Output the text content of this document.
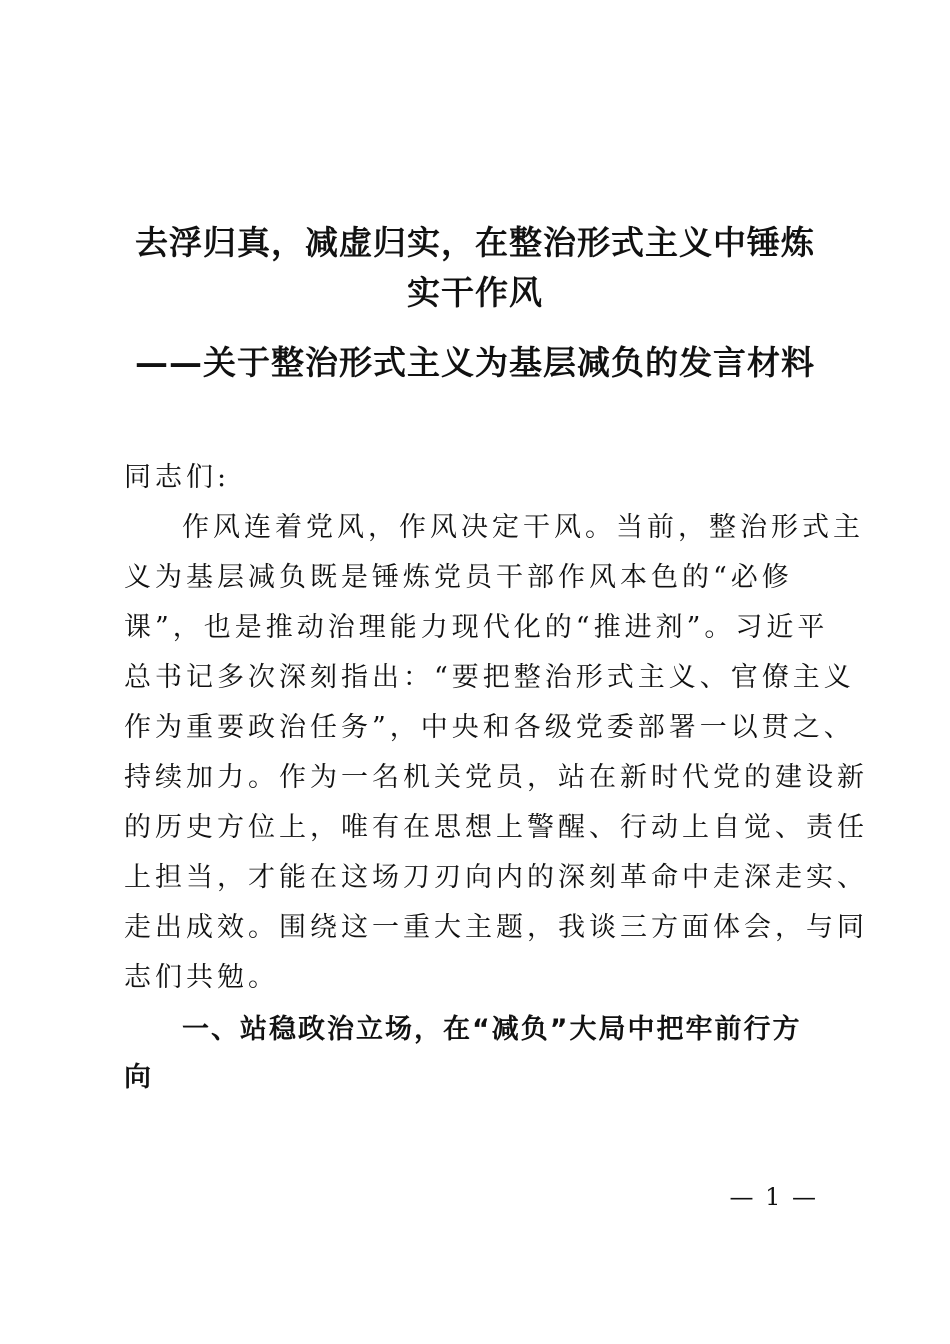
去浮归真，减虚归实，在整治形式主义中锤炼
实干作风
——关于整治形式主义为基层减负的发言材料
同志们:
作风连着党风，作风决定干风。当前，整治形式主
义为基层减负既是锤炼党员干部作风本色的“必修
课”，也是推动治理能力现代化的“推进剂”。习近平
总书记多次深刻指出：“要把整治形式主义、官僚主义
作为重要政治任务”，中央和各级党委部署一以贯之、
持续加力。作为一名机关党员，站在新时代党的建设新
的历史方位上，唯有在思想上警醒、行动上自觉、责任
上担当，才能在这场刀刃向内的深刻革命中走深走实、
走出成效。围绕这一重大主题，我谈三方面体会，与同
志们共勉。
一、站稳政治立场，在“减负”大局中把牢前行方
向
— 1 —
